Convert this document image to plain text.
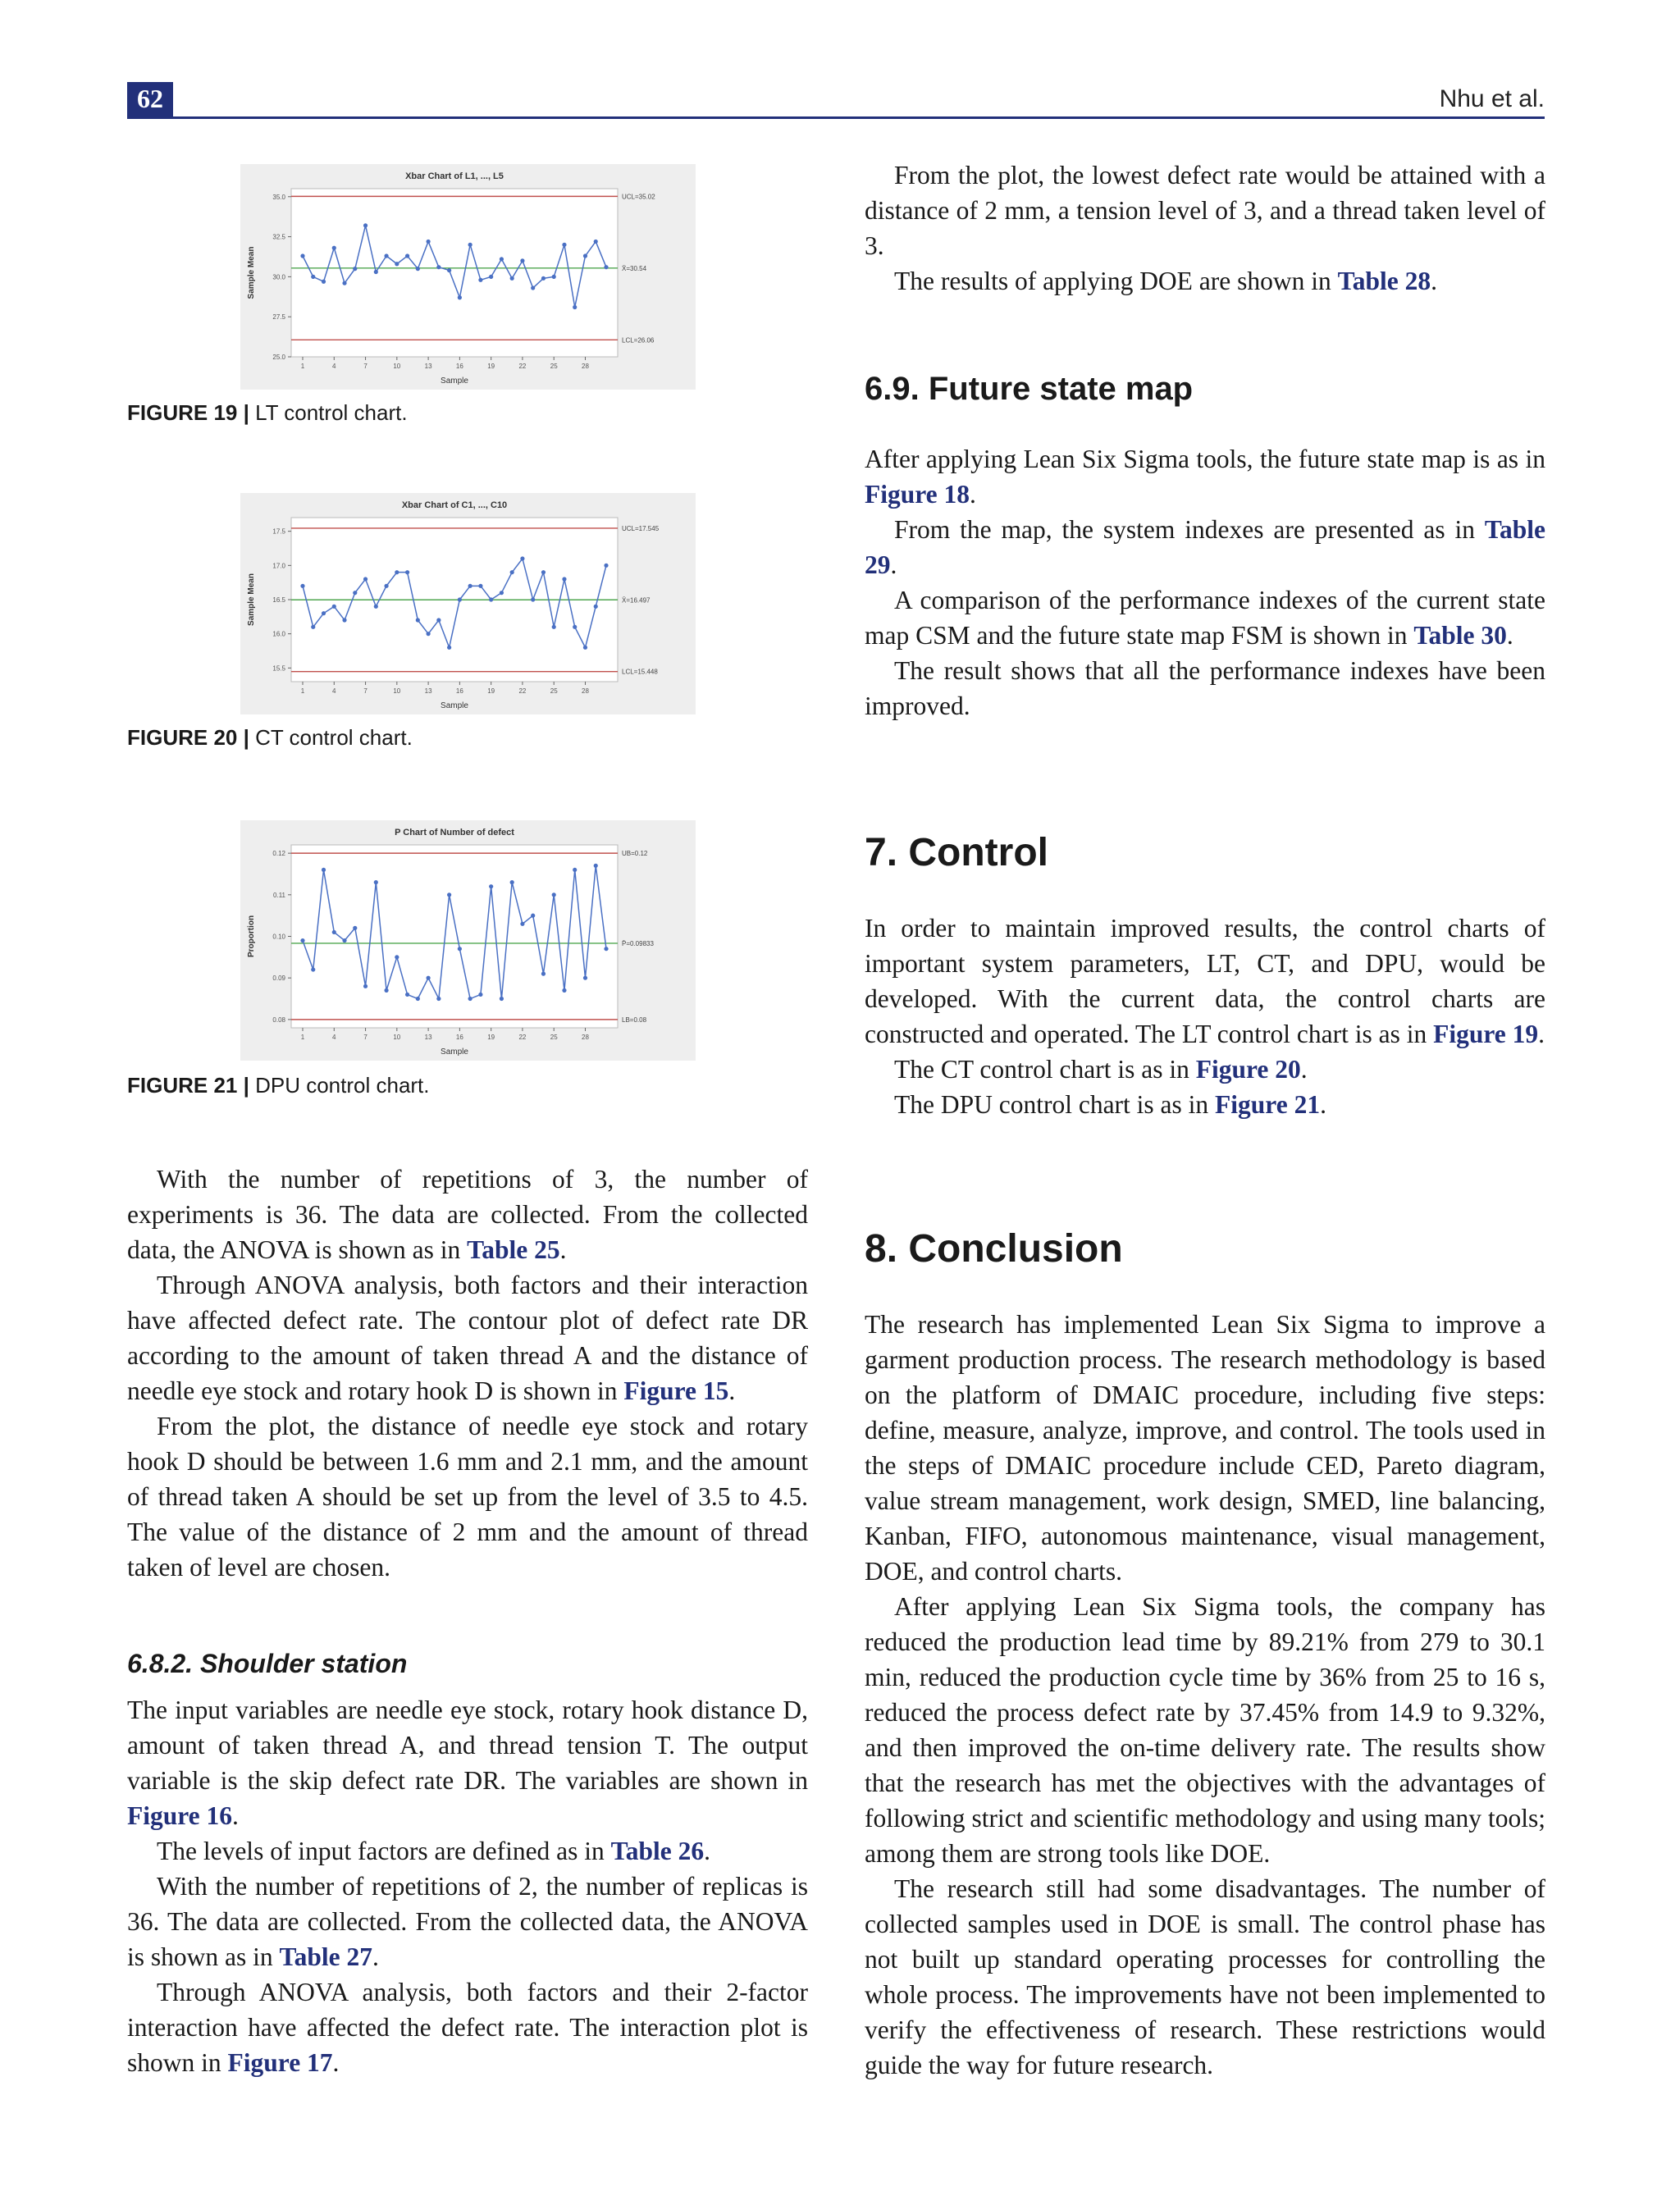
62	Nhu et al.
Xbar Chart of L1, ..., L5
Sample
Sample Mean
25.0
27.5
30.0
32.5
35.0
1	4	7	10	13	16	19	22	25	28
UCL=35.02
X̄=30.54
LCL=26.06
FIGURE 19 | LT control chart.
Xbar Chart of C1, ..., C10
Sample
Sample Mean
15.5
16.0
16.5
17.0
17.5
1	4	7	10	13	16	19	22	25	28
UCL=17.545
X̄=16.497
LCL=15.448
FIGURE 20 | CT control chart.
P Chart of Number of defect
Sample
Proportion
0.08
0.09
0.10
0.11
0.12
1	4	7	10	13	16	19	22	25	28
UB=0.12
P̄=0.09833
LB=0.08
FIGURE 21 | DPU control chart.

With the number of repetitions of 3, the number of experiments is 36. The data are collected. From the collected data, the ANOVA is shown as in Table 25.

Through ANOVA analysis, both factors and their interaction have affected defect rate. The contour plot of defect rate DR according to the amount of taken thread A and the distance of needle eye stock and rotary hook D is shown in Figure 15.

From the plot, the distance of needle eye stock and rotary hook D should be between 1.6 mm and 2.1 mm, and the amount of thread taken A should be set up from the level of 3.5 to 4.5. The value of the distance of 2 mm and the amount of thread taken of level are chosen.

6.8.2. Shoulder station

The input variables are needle eye stock, rotary hook distance D, amount of taken thread A, and thread tension T. The output variable is the skip defect rate DR. The variables are shown in Figure 16.

The levels of input factors are defined as in Table 26.

With the number of repetitions of 2, the number of replicas is 36. The data are collected. From the collected data, the ANOVA is shown as in Table 27.

Through ANOVA analysis, both factors and their 2-factor interaction have affected the defect rate. The interaction plot is shown in Figure 17.

From the plot, the lowest defect rate would be attained with a distance of 2 mm, a tension level of 3, and a thread taken level of 3.

The results of applying DOE are shown in Table 28.

6.9. Future state map

After applying Lean Six Sigma tools, the future state map is as in Figure 18.

From the map, the system indexes are presented as in Table 29.

A comparison of the performance indexes of the current state map CSM and the future state map FSM is shown in Table 30.

The result shows that all the performance indexes have been improved.

7. Control

In order to maintain improved results, the control charts of important system parameters, LT, CT, and DPU, would be developed. With the current data, the control charts are constructed and operated. The LT control chart is as in Figure 19.

The CT control chart is as in Figure 20.

The DPU control chart is as in Figure 21.

8. Conclusion

The research has implemented Lean Six Sigma to improve a garment production process. The research methodology is based on the platform of DMAIC procedure, including five steps: define, measure, analyze, improve, and control. The tools used in the steps of DMAIC procedure include CED, Pareto diagram, value stream management, work design, SMED, line balancing, Kanban, FIFO, autonomous maintenance, visual management, DOE, and control charts.

After applying Lean Six Sigma tools, the company has reduced the production lead time by 89.21% from 279 to 30.1 min, reduced the production cycle time by 36% from 25 to 16 s, reduced the process defect rate by 37.45% from 14.9 to 9.32%, and then improved the on-time delivery rate. The results show that the research has met the objectives with the advantages of following strict and scientific methodology and using many tools; among them are strong tools like DOE.

The research still had some disadvantages. The number of collected samples used in DOE is small. The control phase has not built up standard operating processes for controlling the whole process. The improvements have not been implemented to verify the effectiveness of research. These restrictions would guide the way for future research.
